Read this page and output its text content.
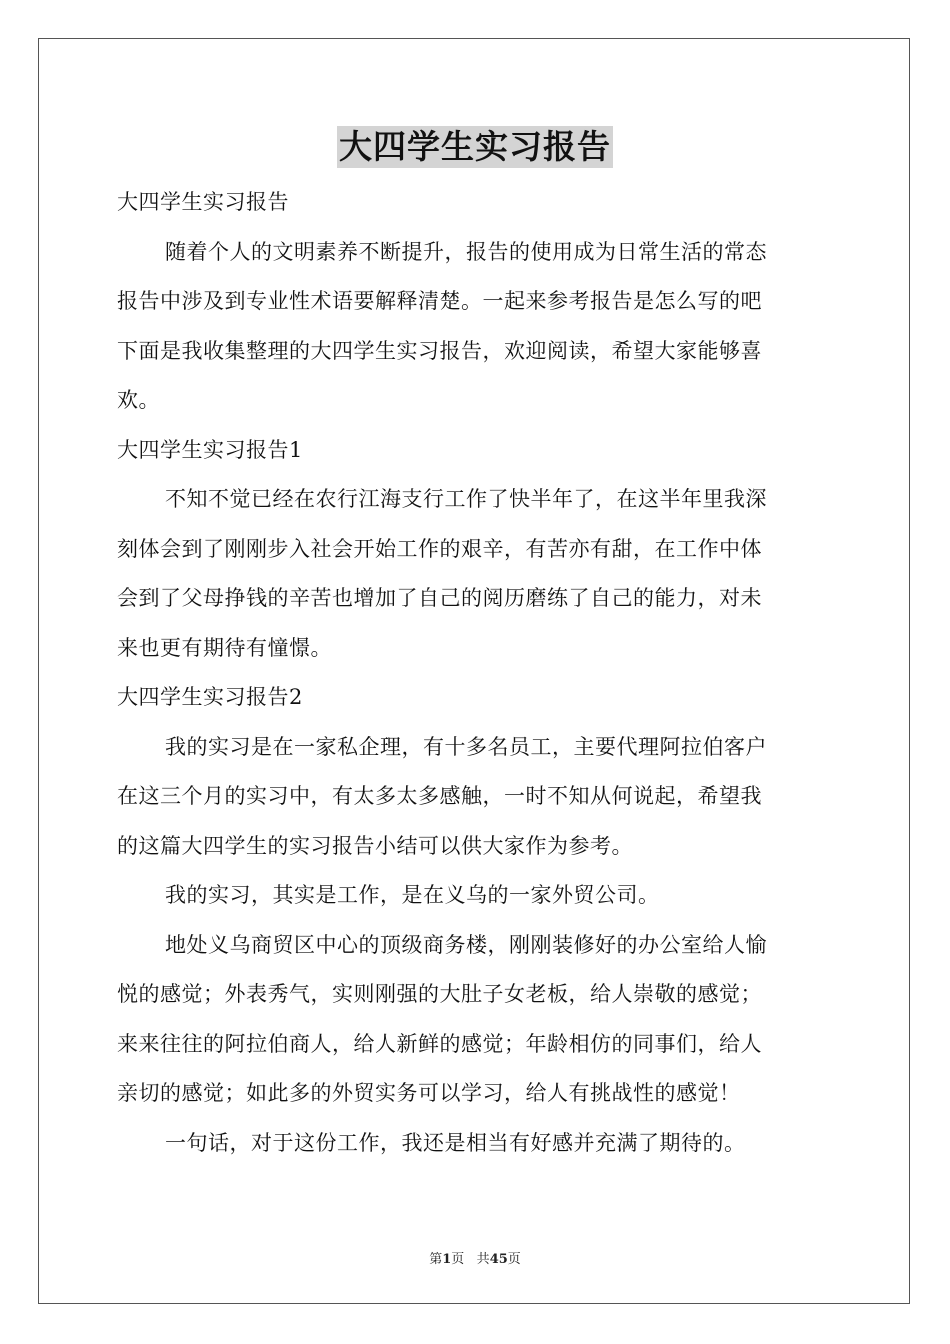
大四学生实习报告
大四学生实习报告
随着个人的文明素养不断提升，报告的使用成为日常生活的常态
报告中涉及到专业性术语要解释清楚。一起来参考报告是怎么写的吧
下面是我收集整理的大四学生实习报告，欢迎阅读，希望大家能够喜
欢。
大四学生实习报告1
不知不觉已经在农行江海支行工作了快半年了，在这半年里我深
刻体会到了刚刚步入社会开始工作的艰辛，有苦亦有甜，在工作中体
会到了父母挣钱的辛苦也增加了自己的阅历磨练了自己的能力，对未
来也更有期待有憧憬。
大四学生实习报告2
我的实习是在一家私企理，有十多名员工，主要代理阿拉伯客户
在这三个月的实习中，有太多太多感触，一时不知从何说起，希望我
的这篇大四学生的实习报告小结可以供大家作为参考。
我的实习，其实是工作，是在义乌的一家外贸公司。
地处义乌商贸区中心的顶级商务楼，刚刚装修好的办公室给人愉
悦的感觉；外表秀气，实则刚强的大肚子女老板，给人崇敬的感觉；
来来往往的阿拉伯商人，给人新鲜的感觉；年龄相仿的同事们，给人
亲切的感觉；如此多的外贸实务可以学习，给人有挑战性的感觉！
一句话，对于这份工作，我还是相当有好感并充满了期待的。
第1页 共45页
